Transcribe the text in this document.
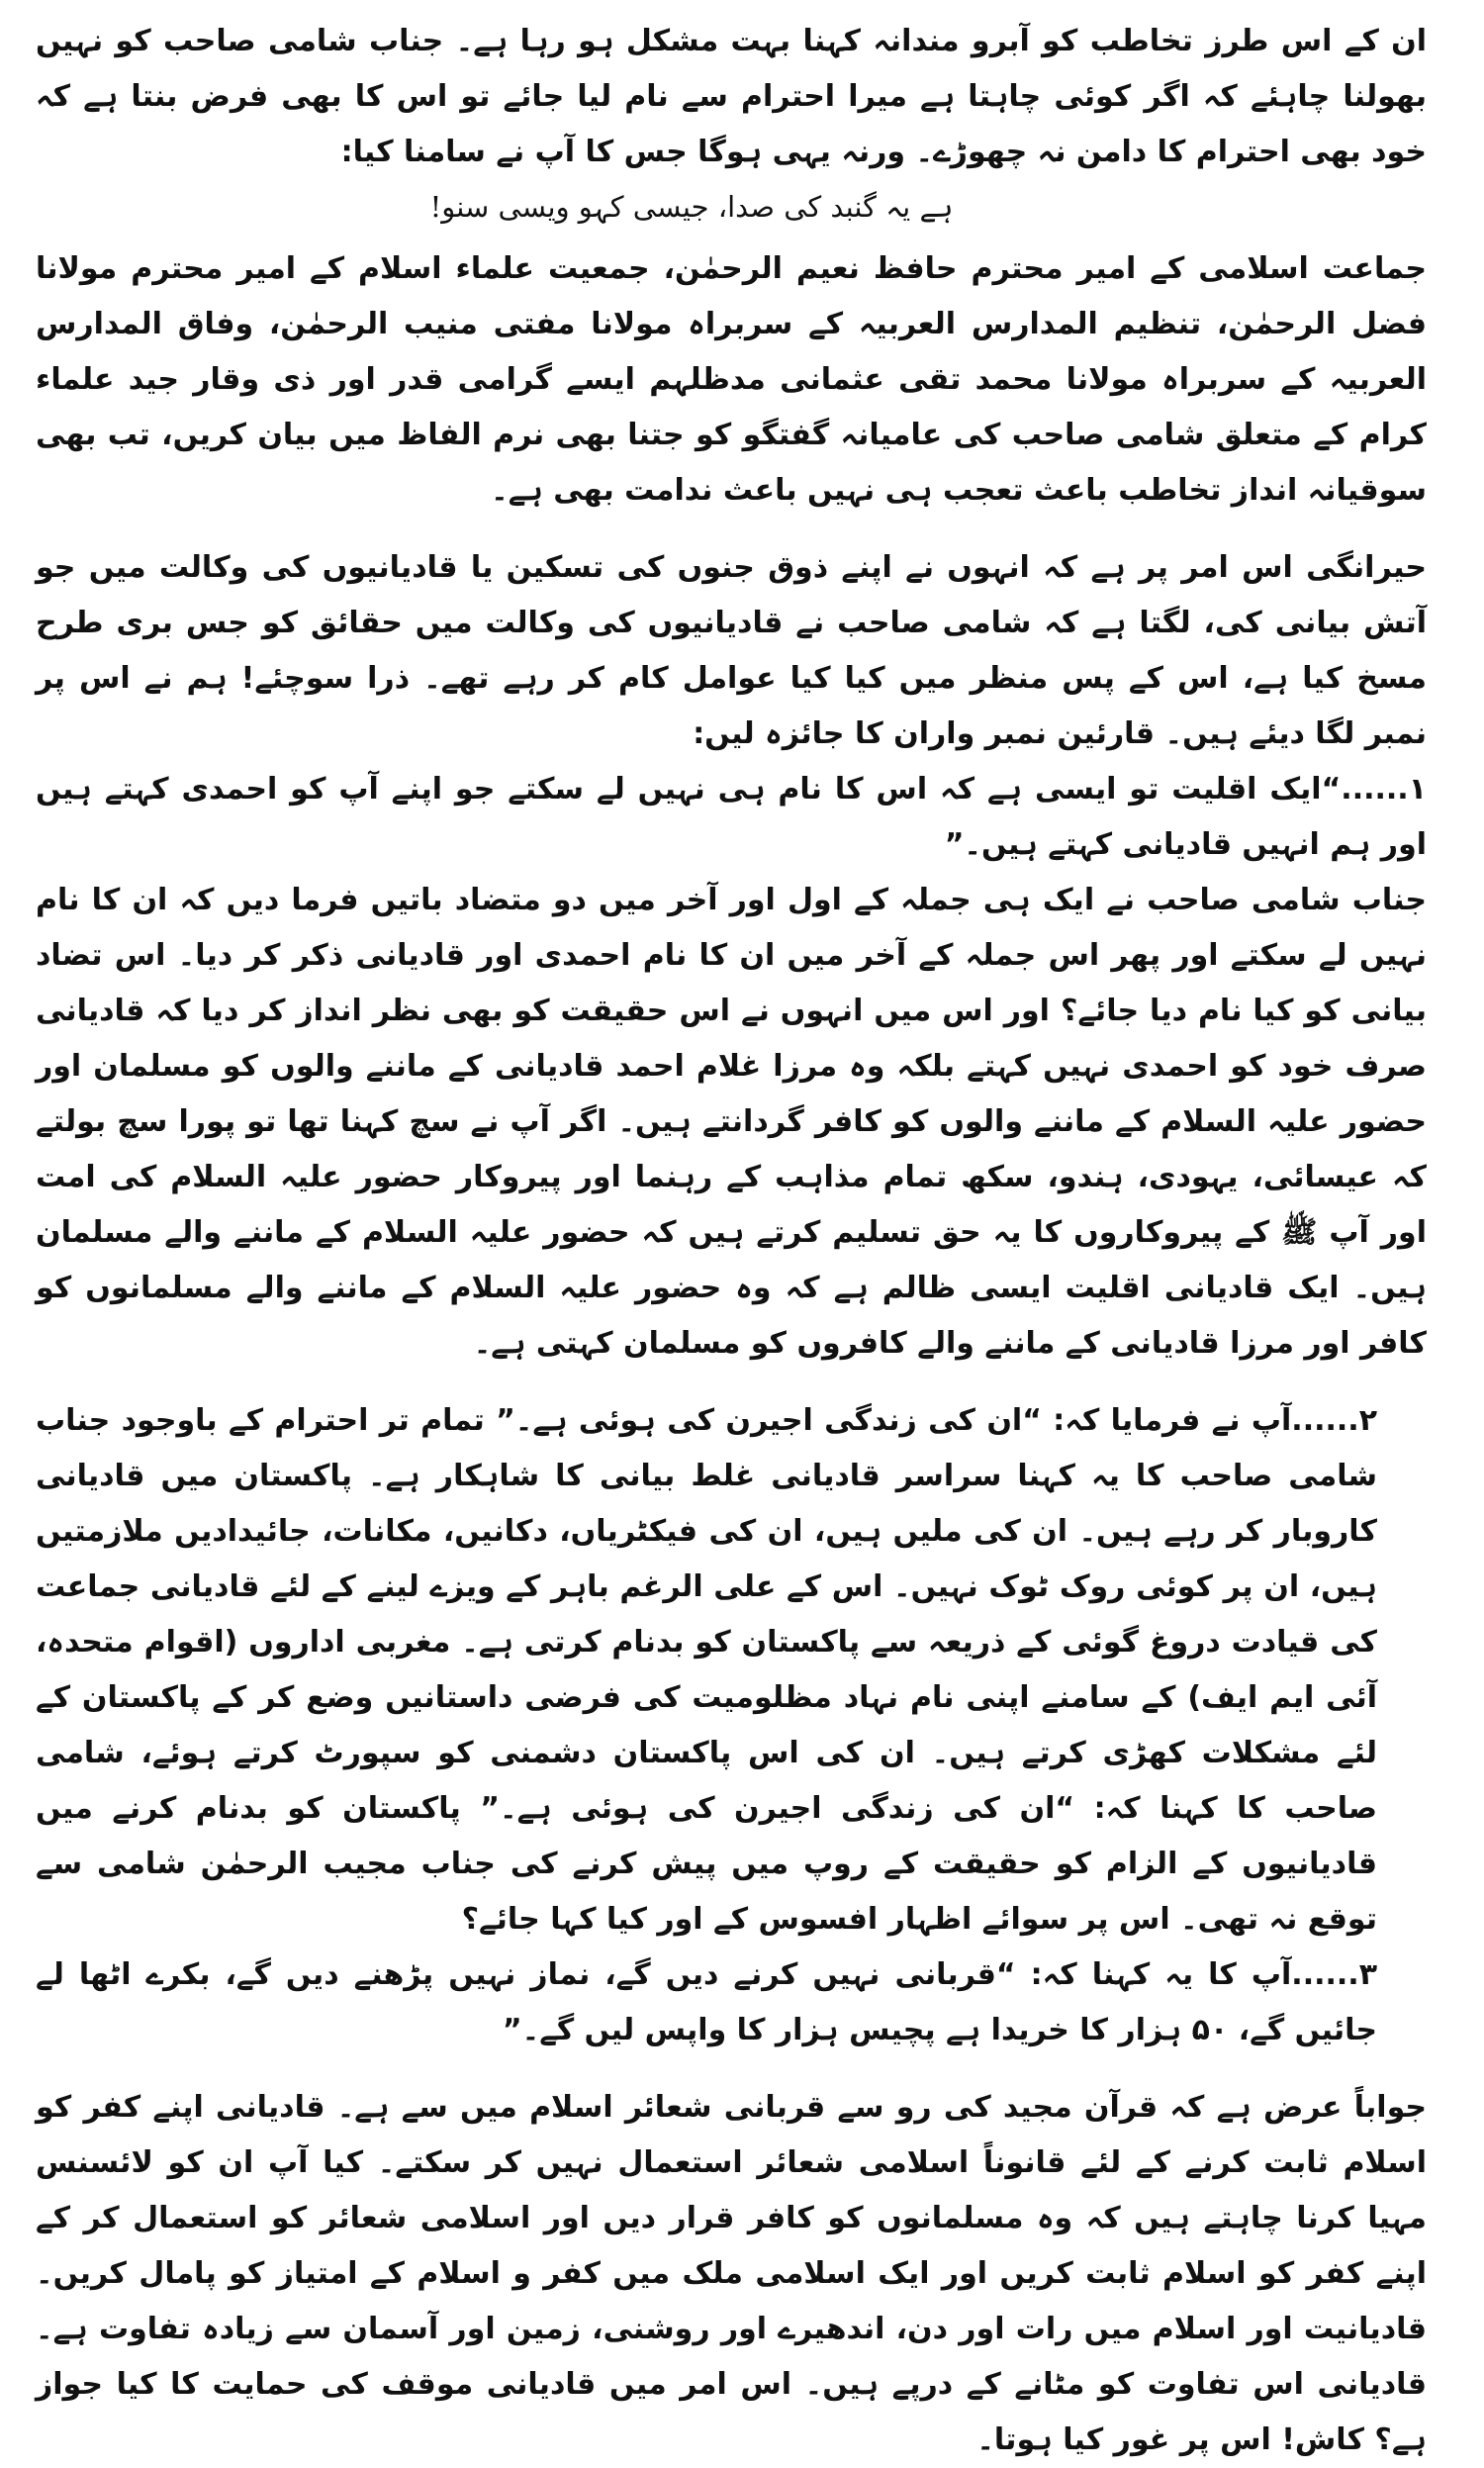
ان کے اس طرز تخاطب کو آبرو مندانہ کہنا بہت مشکل ہو رہا ہے۔ جناب شامی صاحب کو نہیں بھولنا چاہئے کہ اگر کوئی چاہتا ہے میرا احترام سے نام لیا جائے تو اس کا بھی فرض بنتا ہے کہ خود بھی احترام کا دامن نہ چھوڑے۔ ورنہ یہی ہوگا جس کا آپ نے سامنا کیا:

ہے یہ گنبد کی صدا، جیسی کہو ویسی سنو!

جماعت اسلامی کے امیر محترم حافظ نعیم الرحمٰن، جمعیت علماء اسلام کے امیر محترم مولانا فضل الرحمٰن، تنظیم المدارس العربیہ کے سربراہ مولانا مفتی منیب الرحمٰن، وفاق المدارس العربیہ کے سربراہ مولانا محمد تقی عثمانی مدظلہم ایسے گرامی قدر اور ذی وقار جید علماء کرام کے متعلق شامی صاحب کی عامیانہ گفتگو کو جتنا بھی نرم الفاظ میں بیان کریں، تب بھی سوقیانہ انداز تخاطب باعث تعجب ہی نہیں باعث ندامت بھی ہے۔

حیرانگی اس امر پر ہے کہ انہوں نے اپنے ذوق جنوں کی تسکین یا قادیانیوں کی وکالت میں جو آتش بیانی کی، لگتا ہے کہ شامی صاحب نے قادیانیوں کی وکالت میں حقائق کو جس بری طرح مسخ کیا ہے، اس کے پس منظر میں کیا کیا عوامل کام کر رہے تھے۔ ذرا سوچئے! ہم نے اس پر نمبر لگا دیئے ہیں۔ قارئین نمبر واران کا جائزہ لیں:

۱......“ایک اقلیت تو ایسی ہے کہ اس کا نام ہی نہیں لے سکتے جو اپنے آپ کو احمدی کہتے ہیں اور ہم انہیں قادیانی کہتے ہیں۔”

جناب شامی صاحب نے ایک ہی جملہ کے اول اور آخر میں دو متضاد باتیں فرما دیں کہ ان کا نام نہیں لے سکتے اور پھر اس جملہ کے آخر میں ان کا نام احمدی اور قادیانی ذکر کر دیا۔ اس تضاد بیانی کو کیا نام دیا جائے؟ اور اس میں انہوں نے اس حقیقت کو بھی نظر انداز کر دیا کہ قادیانی صرف خود کو احمدی نہیں کہتے بلکہ وہ مرزا غلام احمد قادیانی کے ماننے والوں کو مسلمان اور حضور علیہ السلام کے ماننے والوں کو کافر گردانتے ہیں۔ اگر آپ نے سچ کہنا تھا تو پورا سچ بولتے کہ عیسائی، یہودی، ہندو، سکھ تمام مذاہب کے رہنما اور پیروکار حضور علیہ السلام کی امت اور آپ ﷺ کے پیروکاروں کا یہ حق تسلیم کرتے ہیں کہ حضور علیہ السلام کے ماننے والے مسلمان ہیں۔ ایک قادیانی اقلیت ایسی ظالم ہے کہ وہ حضور علیہ السلام کے ماننے والے مسلمانوں کو کافر اور مرزا قادیانی کے ماننے والے کافروں کو مسلمان کہتی ہے۔

۲......آپ نے فرمایا کہ: “ان کی زندگی اجیرن کی ہوئی ہے۔” تمام تر احترام کے باوجود جناب شامی صاحب کا یہ کہنا سراسر قادیانی غلط بیانی کا شاہکار ہے۔ پاکستان میں قادیانی کاروبار کر رہے ہیں۔ ان کی ملیں ہیں، ان کی فیکٹریاں، دکانیں، مکانات، جائیدادیں ملازمتیں ہیں، ان پر کوئی روک ٹوک نہیں۔ اس کے علی الرغم باہر کے ویزے لینے کے لئے قادیانی جماعت کی قیادت دروغ گوئی کے ذریعہ سے پاکستان کو بدنام کرتی ہے۔ مغربی اداروں (اقوام متحدہ، آئی ایم ایف) کے سامنے اپنی نام نہاد مظلومیت کی فرضی داستانیں وضع کر کے پاکستان کے لئے مشکلات کھڑی کرتے ہیں۔ ان کی اس پاکستان دشمنی کو سپورٹ کرتے ہوئے، شامی صاحب کا کہنا کہ: “ان کی زندگی اجیرن کی ہوئی ہے۔” پاکستان کو بدنام کرنے میں قادیانیوں کے الزام کو حقیقت کے روپ میں پیش کرنے کی جناب مجیب الرحمٰن شامی سے توقع نہ تھی۔ اس پر سوائے اظہار افسوس کے اور کیا کہا جائے؟

۳......آپ کا یہ کہنا کہ: “قربانی نہیں کرنے دیں گے، نماز نہیں پڑھنے دیں گے، بکرے اٹھا لے جائیں گے، ۵۰ ہزار کا خریدا ہے پچیس ہزار کا واپس لیں گے۔”

جواباً عرض ہے کہ قرآن مجید کی رو سے قربانی شعائر اسلام میں سے ہے۔ قادیانی اپنے کفر کو اسلام ثابت کرنے کے لئے قانوناً اسلامی شعائر استعمال نہیں کر سکتے۔ کیا آپ ان کو لائسنس مہیا کرنا چاہتے ہیں کہ وہ مسلمانوں کو کافر قرار دیں اور اسلامی شعائر کو استعمال کر کے اپنے کفر کو اسلام ثابت کریں اور ایک اسلامی ملک میں کفر و اسلام کے امتیاز کو پامال کریں۔ قادیانیت اور اسلام میں رات اور دن، اندھیرے اور روشنی، زمین اور آسمان سے زیادہ تفاوت ہے۔ قادیانی اس تفاوت کو مٹانے کے درپے ہیں۔ اس امر میں قادیانی موقف کی حمایت کا کیا جواز ہے؟ کاش! اس پر غور کیا ہوتا۔
